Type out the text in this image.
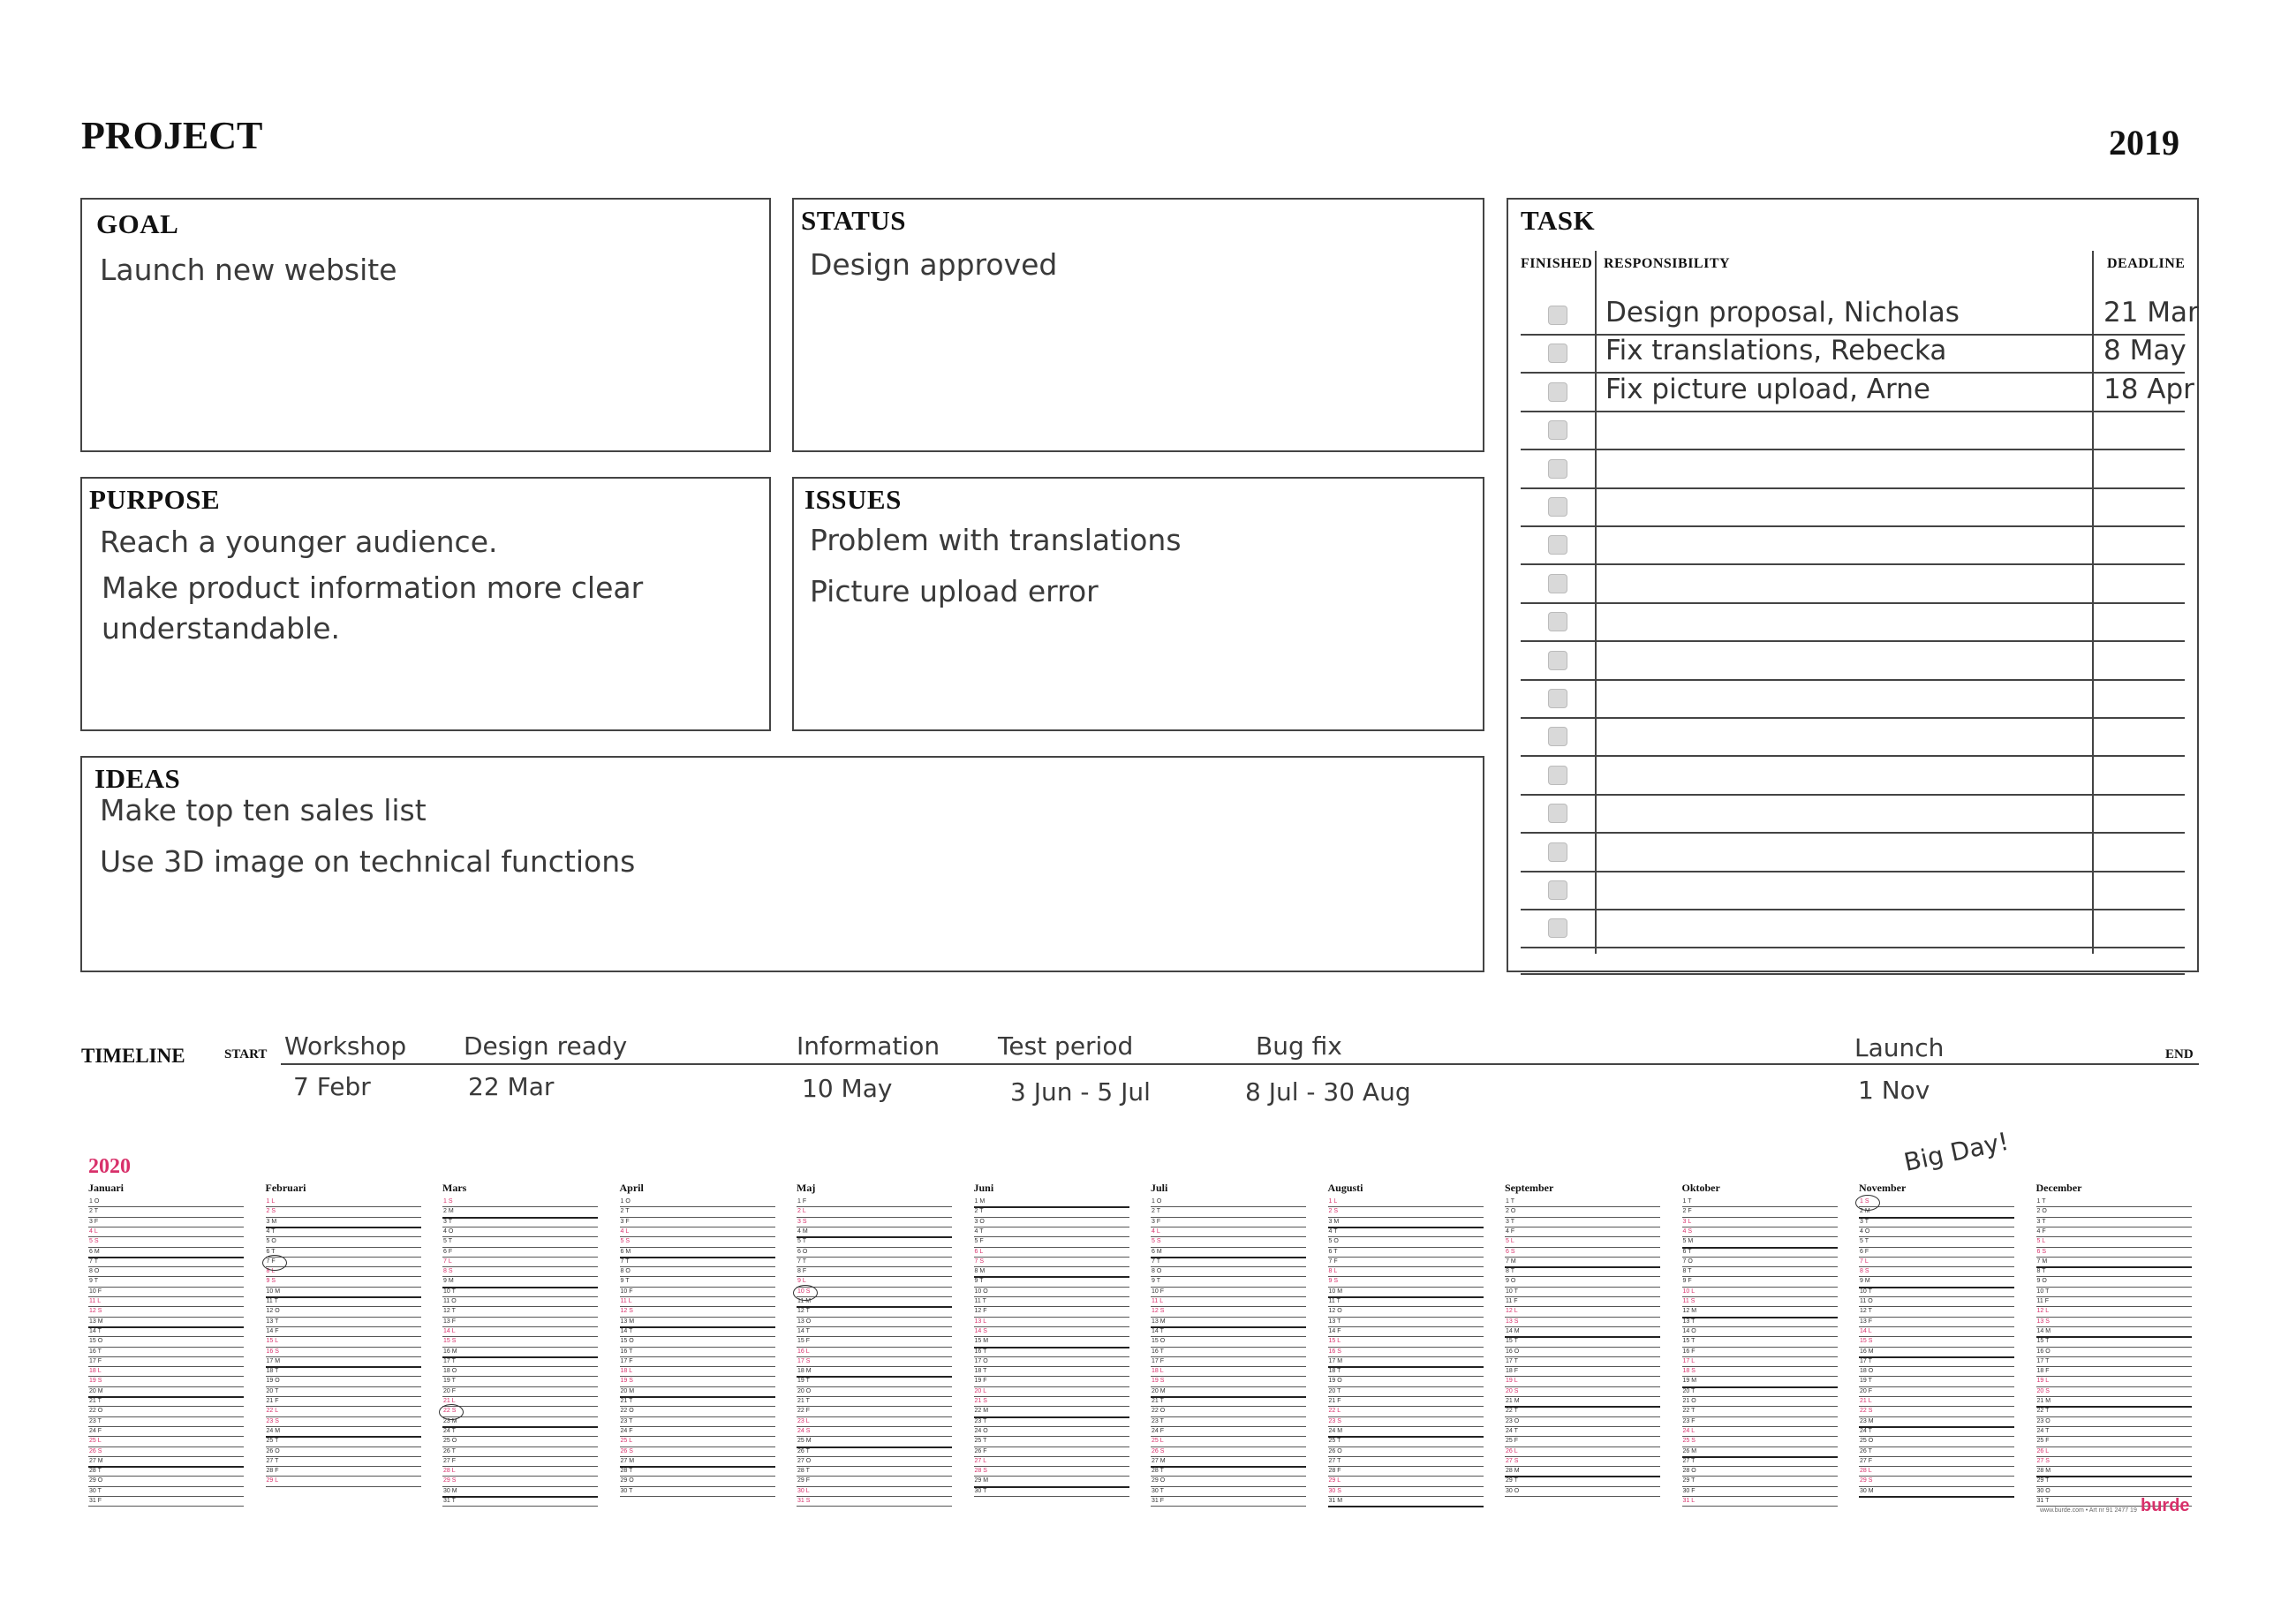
PROJECT	2019
GOAL
Launch new website
STATUS
Design approved
PURPOSE
Reach a younger audience.
Make product information more clear
understandable.
ISSUES
Problem with translations
Picture upload error
IDEAS
Make top ten sales list
Use 3D image on technical functions
TASK
FINISHED RESPONSIBILITY	DEADLINE
Design proposal, Nicholas	21 Mar
Fix translations, Rebecka	8 May
Fix picture upload, Arne	18 Apr
TIMELINE	START	END
Workshop
7 Febr
Design ready
22 Mar
Information
10 May
Test period
3 Jun - 5 Jul
Bug fix
8 Jul - 30 Aug
Launch
1 Nov
2020
Januari
1 O
2 T
3 F
4 L
5 S
6 M
7 T
8 O
9 T
10 F
11 L
12 S
13 M
14 T
15 O
16 T
17 F
18 L
19 S
20 M
21 T
22 O
23 T
24 F
25 L
26 S
27 M
28 T
29 O
30 T
31 F
Februari
1 L
2 S
3 M
4 T
5 O
6 T
7 F
8 L
9 S
10 M
11 T
12 O
13 T
14 F
15 L
16 S
17 M
18 T
19 O
20 T
21 F
22 L
23 S
24 M
25 T
26 O
27 T
28 F
29 L
Mars
1 S
2 M
3 T
4 O
5 T
6 F
7 L
8 S
9 M
10 T
11 O
12 T
13 F
14 L
15 S
16 M
17 T
18 O
19 T
20 F
21 L
22 S
23 M
24 T
25 O
26 T
27 F
28 L
29 S
30 M
31 T
April
1 O
2 T
3 F
4 L
5 S
6 M
7 T
8 O
9 T
10 F
11 L
12 S
13 M
14 T
15 O
16 T
17 F
18 L
19 S
20 M
21 T
22 O
23 T
24 F
25 L
26 S
27 M
28 T
29 O
30 T
Maj
1 F
2 L
3 S
4 M
5 T
6 O
7 T
8 F
9 L
10 S
11 M
12 T
13 O
14 T
15 F
16 L
17 S
18 M
19 T
20 O
21 T
22 F
23 L
24 S
25 M
26 T
27 O
28 T
29 F
30 L
31 S
Juni
1 M
2 T
3 O
4 T
5 F
6 L
7 S
8 M
9 T
10 O
11 T
12 F
13 L
14 S
15 M
16 T
17 O
18 T
19 F
20 L
21 S
22 M
23 T
24 O
25 T
26 F
27 L
28 S
29 M
30 T
Juli
1 O
2 T
3 F
4 L
5 S
6 M
7 T
8 O
9 T
10 F
11 L
12 S
13 M
14 T
15 O
16 T
17 F
18 L
19 S
20 M
21 T
22 O
23 T
24 F
25 L
26 S
27 M
28 T
29 O
30 T
31 F
Augusti
1 L
2 S
3 M
4 T
5 O
6 T
7 F
8 L
9 S
10 M
11 T
12 O
13 T
14 F
15 L
16 S
17 M
18 T
19 O
20 T
21 F
22 L
23 S
24 M
25 T
26 O
27 T
28 F
29 L
30 S
31 M
September
1 T
2 O
3 T
4 F
5 L
6 S
7 M
8 T
9 O
10 T
11 F
12 L
13 S
14 M
15 T
16 O
17 T
18 F
19 L
20 S
21 M
22 T
23 O
24 T
25 F
26 L
27 S
28 M
29 T
30 O
Oktober
1 T
2 F
3 L
4 S
5 M
6 T
7 O
8 T
9 F
10 L
11 S
12 M
13 T
14 O
15 T
16 F
17 L
18 S
19 M
20 T
21 O
22 T
23 F
24 L
25 S
26 M
27 T
28 O
29 T
30 F
31 L
November
1 S
2 M
3 T
4 O
5 T
6 F
7 L
8 S
9 M
10 T
11 O
12 T
13 F
14 L
15 S
16 M
17 T
18 O
19 T
20 F
21 L
22 S
23 M
24 T
25 O
26 T
27 F
28 L
29 S
30 M
December
1 T
2 O
3 T
4 F
5 L
6 S
7 M
8 T
9 O
10 T
11 F
12 L
13 S
14 M
15 T
16 O
17 T
18 F
19 L
20 S
21 M
22 T
23 O
24 T
25 F
26 L
27 S
28 M
29 T
30 O
31 T
Big Day!
www.burde.com • Art nr 91 2477 19 burde
